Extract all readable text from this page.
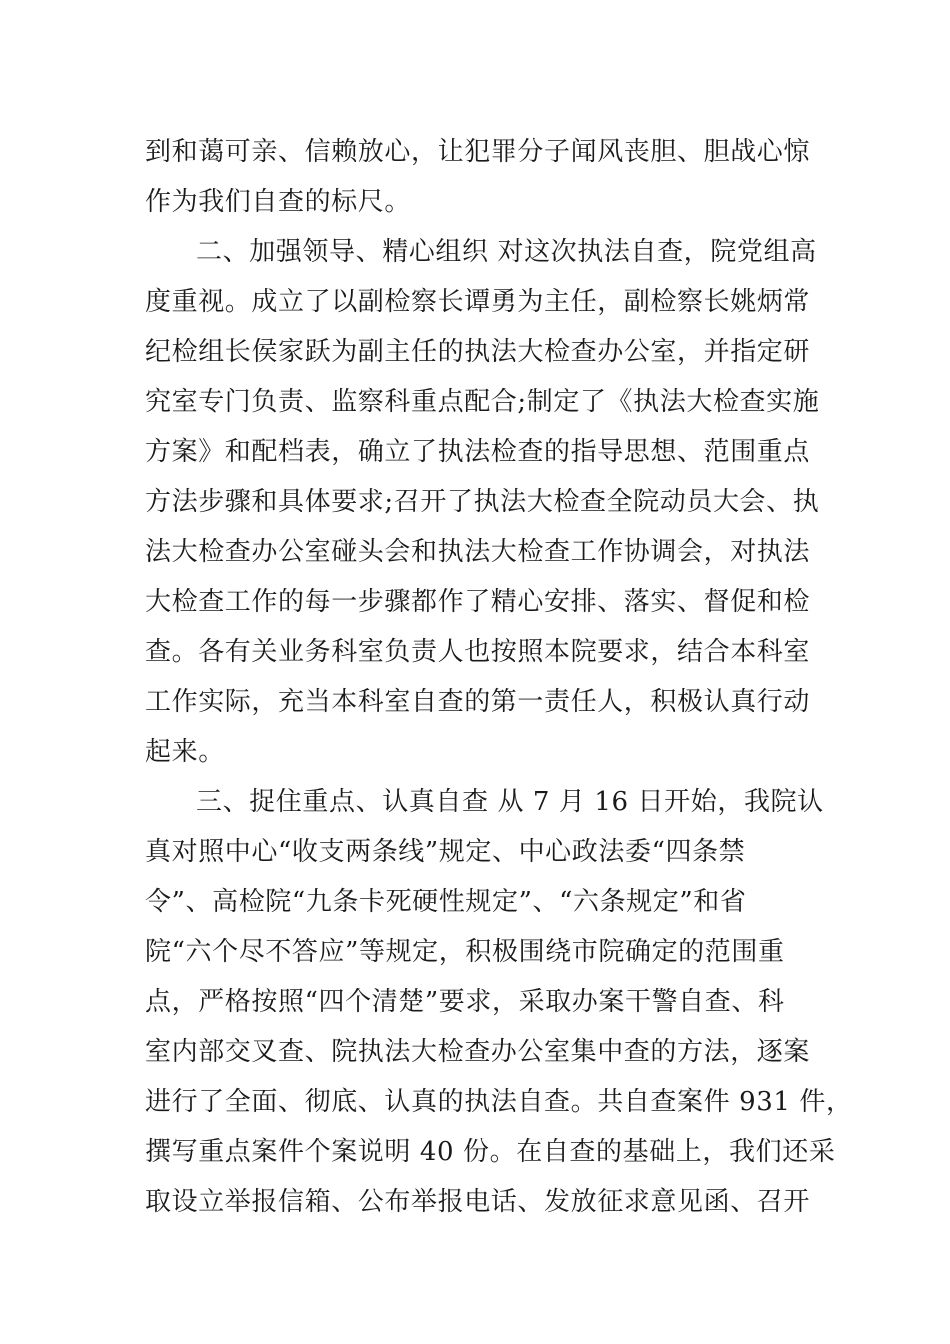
到和蔼可亲、信赖放心，让犯罪分子闻风丧胆、胆战心惊
作为我们自查的标尺。
二、加强领导、精心组织 对这次执法自查，院党组高
度重视。成立了以副检察长谭勇为主任，副检察长姚炳常
纪检组长侯家跃为副主任的执法大检查办公室，并指定研
究室专门负责、监察科重点配合;制定了《执法大检查实施
方案》和配档表，确立了执法检查的指导思想、范围重点
方法步骤和具体要求;召开了执法大检查全院动员大会、执
法大检查办公室碰头会和执法大检查工作协调会，对执法
大检查工作的每一步骤都作了精心安排、落实、督促和检
查。各有关业务科室负责人也按照本院要求，结合本科室
工作实际，充当本科室自查的第一责任人，积极认真行动
起来。
三、捉住重点、认真自查 从 7 月 16 日开始，我院认
真对照中心“收支两条线”规定、中心政法委“四条禁
令”、高检院“九条卡死硬性规定”、“六条规定”和省
院“六个尽不答应”等规定，积极围绕市院确定的范围重
点，严格按照“四个清楚”要求，采取办案干警自查、科
室内部交叉查、院执法大检查办公室集中查的方法，逐案
进行了全面、彻底、认真的执法自查。共自查案件 931 件，
撰写重点案件个案说明 40 份。在自查的基础上，我们还采
取设立举报信箱、公布举报电话、发放征求意见函、召开
